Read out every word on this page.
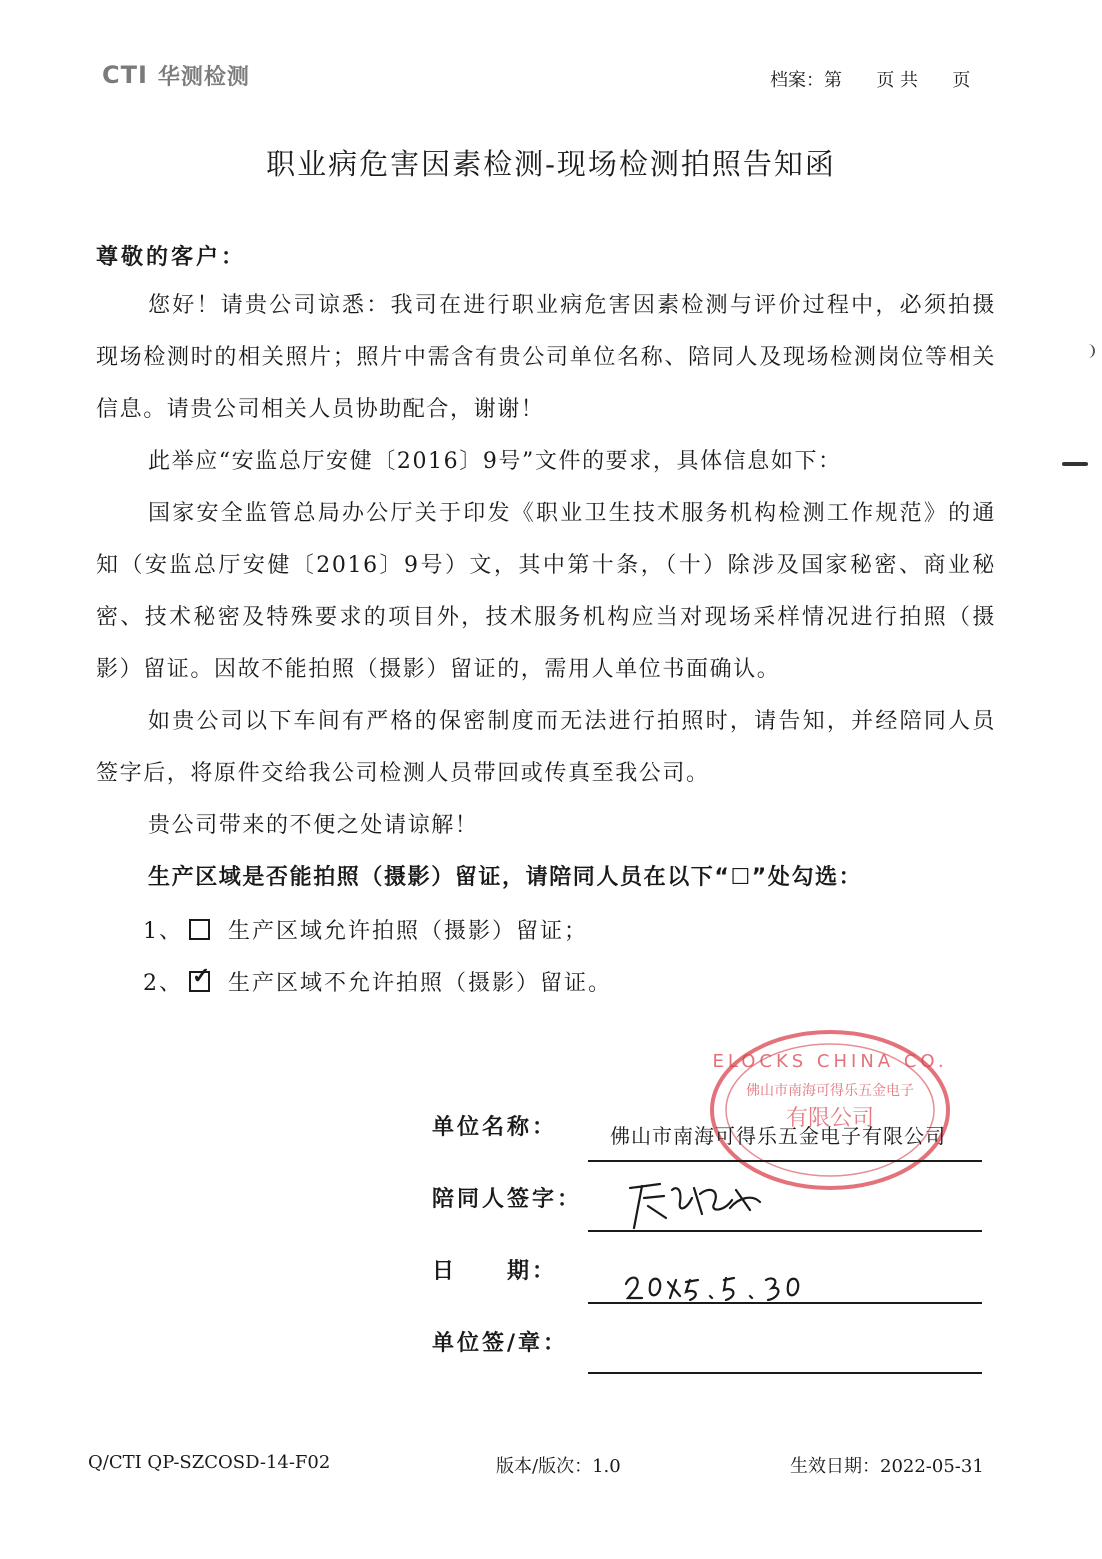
CTI 华测检测	档案：第      页 共      页
职业病危害因素检测-现场检测拍照告知函
尊敬的客户：

您好！请贵公司谅悉：我司在进行职业病危害因素检测与评价过程中，必须拍摄现场检测时的相关照片；照片中需含有贵公司单位名称、陪同人及现场检测岗位等相关信息。请贵公司相关人员协助配合，谢谢！

此举应“安监总厅安健〔2016〕9号”文件的要求，具体信息如下：

国家安全监管总局办公厅关于印发《职业卫生技术服务机构检测工作规范》的通知（安监总厅安健〔2016〕9号）文，其中第十条，（十）除涉及国家秘密、商业秘密、技术秘密及特殊要求的项目外，技术服务机构应当对现场采样情况进行拍照（摄影）留证。因故不能拍照（摄影）留证的，需用人单位书面确认。

如贵公司以下车间有严格的保密制度而无法进行拍照时，请告知，并经陪同人员签字后，将原件交给我公司检测人员带回或传真至我公司。

贵公司带来的不便之处请谅解！

生产区域是否能拍照（摄影）留证，请陪同人员在以下“☐”处勾选：

1、 生产区域允许拍照（摄影）留证；
2、 ✓ 生产区域不允许拍照（摄影）留证。
ELOCKS CHINA CO.
佛山市南海可得乐五金电子
有限公司
单位名称：	佛山市南海可得乐五金电子有限公司
陪同人签字：
日　　期：
单位签/章：
Q/CTI QP-SZCOSD-14-F02	版本/版次：1.0	生效日期：2022-05-31
